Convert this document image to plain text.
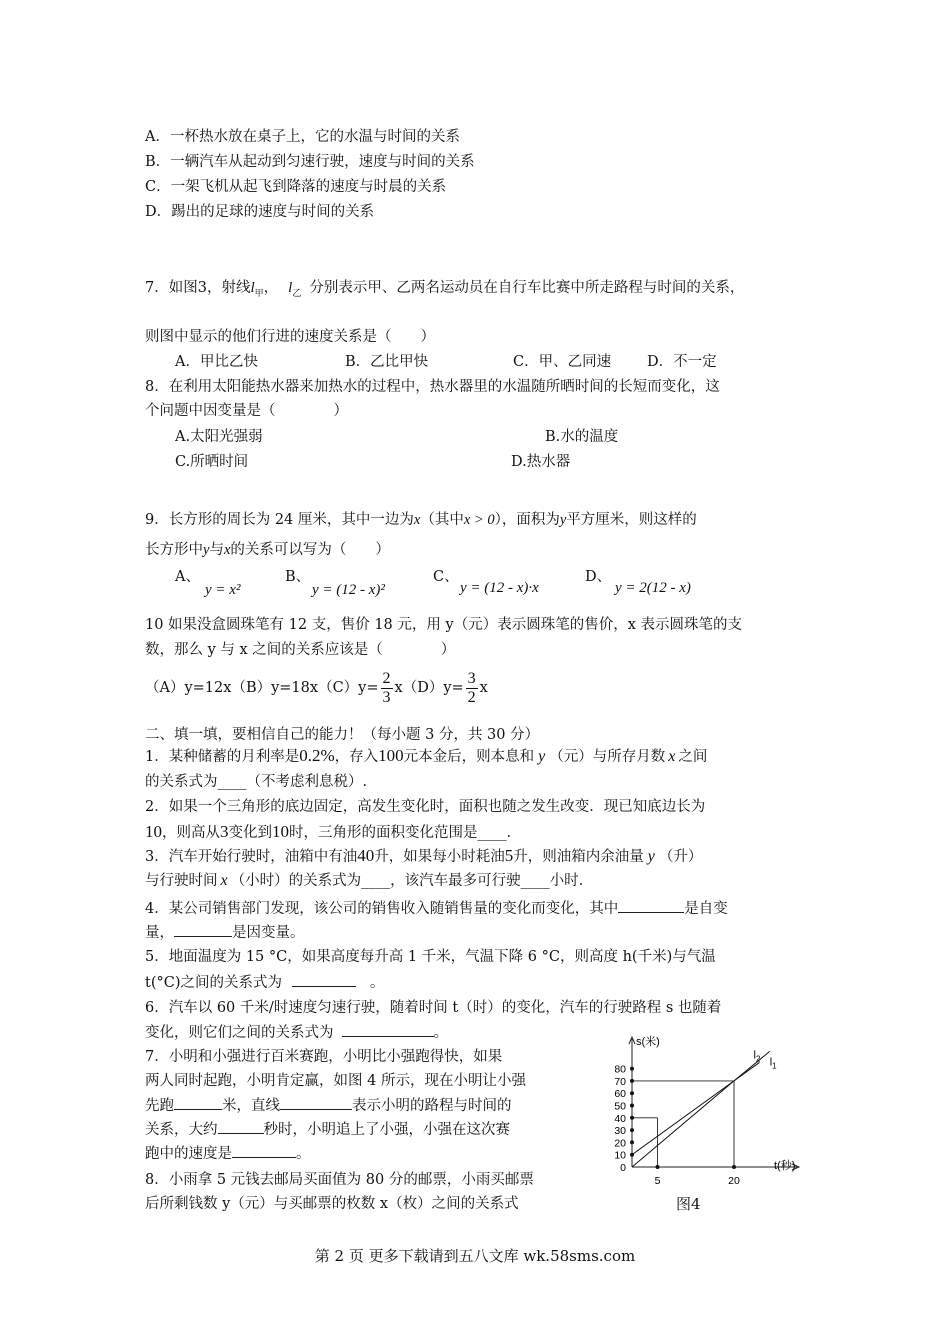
A．一杯热水放在桌子上，它的水温与时间的关系
B．一辆汽车从起动到匀速行驶，速度与时间的关系
C．一架飞机从起飞到降落的速度与时晨的关系
D．踢出的足球的速度与时间的关系
7．如图3，射线$l_甲$， $l_乙$ 分别表示甲、乙两名运动员在自行车比赛中所走路程与时间的关系，
则图中显示的他们行进的速度关系是（　　）
A．甲比乙快	B．乙比甲快	C．甲、乙同速 D．不一定
8．在利用太阳能热水器来加热水的过程中，热水器里的水温随所晒时间的长短而变化，这
个问题中因变量是（　　　　）
A.太阳光强弱	B.水的温度
C.所晒时间	D.热水器
9．长方形的周长为 24 厘米，其中一边为x（其中x > 0），面积为y平方厘米，则这样的
长方形中y与x的关系可以写为（　　）
A、
y = x²
B、
y = (12 - x)²
C、
y = (12 - x)·x
D、
y = 2(12 - x)
10 如果没盒圆珠笔有 12 支，售价 18 元，用 y（元）表示圆珠笔的售价，x 表示圆珠笔的支
数，那么 y 与 x 之间的关系应该是（　　　　）
$(A)y=12x(B)y=18x(C)y= \frac{2}{3} x(D)y= \frac{3}{2}$ x
二、填一填，要相信自己的能力！（每小题 3 分，共 30 分）
1．某种储蓄的月利率是0.2%，存入100元本金后，则本息和 y （元）与所存月数 x 之间
的关系式为____（不考虑利息税）.
2．如果一个三角形的底边固定，高发生变化时，面积也随之发生改变．现已知底边长为
10，则高从3变化到10时，三角形的面积变化范围是____.
3．汽车开始行驶时，油箱中有油40升，如果每小时耗油5升，则油箱内余油量 y （升）
与行驶时间 x （小时）的关系式为____，该汽车最多可行驶____小时.
4．某公司销售部门发现，该公司的销售收入随销售量的变化而变化，其中	是自变
量，	是因变量。
5．地面温度为 15 °C，如果高度每升高 1 千米，气温下降 6 °C，则高度 h(千米)与气温
t(°C)之间的关系式为	。
6．汽车以 60 千米/时速度匀速行驶，随着时间 t（时）的变化，汽车的行驶路程 s 也随着
变化，则它们之间的关系式为	。
7．小明和小强进行百米赛跑，小明比小强跑得快，如果
两人同时起跑，小明肯定赢，如图 4 所示，现在小明让小强
先跑	米，直线	表示小明的路程与时间的
关系，大约	秒时，小明追上了小强，小强在这次赛
跑中的速度是	。
8．小雨拿 5 元钱去邮局买面值为 80 分的邮票，小雨买邮票
后所剩钱数 y（元）与买邮票的枚数 x（枚）之间的关系式
0
10
20
30
40
50
60
70
80
5	20
$l_1$
$l_2$
s(米)
t(秒)
图4
第 2 页 更多下载请到五八文库 wk.58sms.com
